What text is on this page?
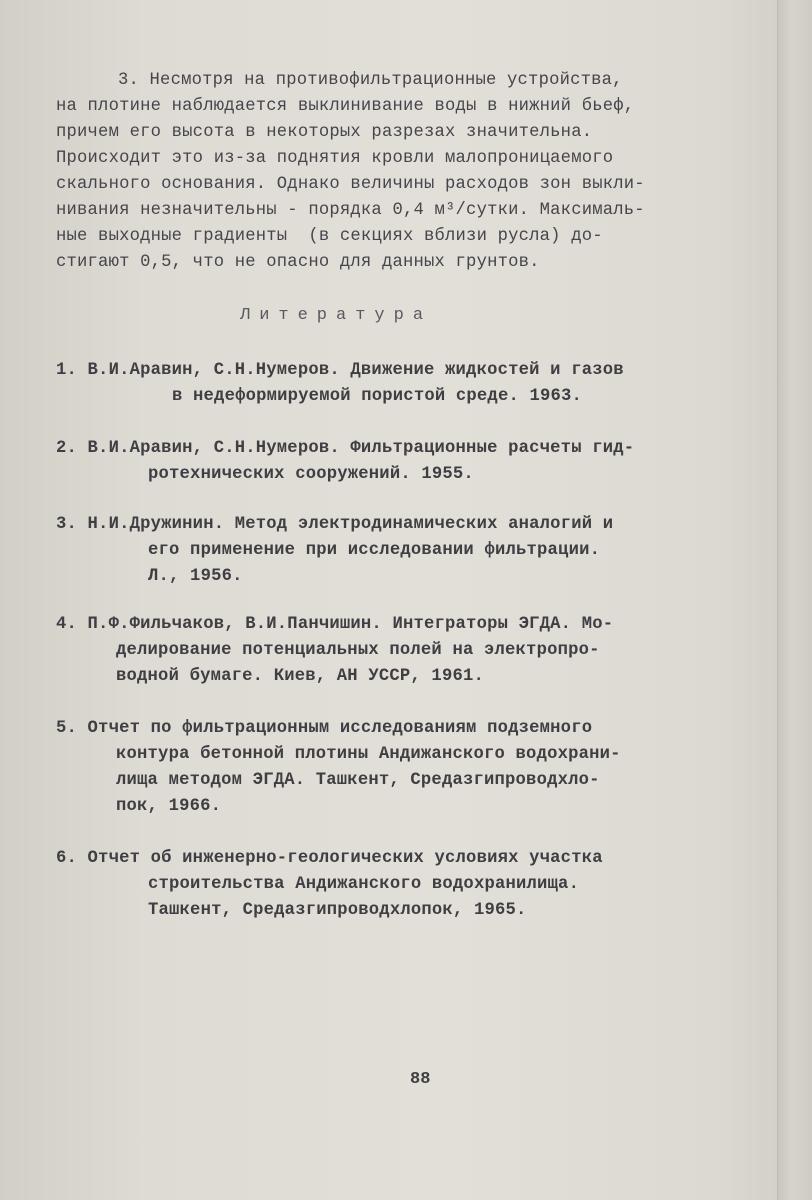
3. Несмотря на противофильтрационные устройства,
на плотине наблюдается выклинивание воды в нижний бьеф,
причем его высота в некоторых разрезах значительна.
Происходит это из-за поднятия кровли малопроницаемого
скального основания. Однако величины расходов зон выкли-
нивания незначительны - порядка 0,4 м³/сутки. Максималь-
ные выходные градиенты  (в секциях вблизи русла) до-
стигают 0,5, что не опасно для данных грунтов.
Литература
1. В.И.Аравин, С.Н.Нумеров. Движение жидкостей и газов
в недеформируемой пористой среде. 1963.
2. В.И.Аравин, С.Н.Нумеров. Фильтрационные расчеты гид-
ротехнических сооружений. 1955.
3. Н.И.Дружинин. Метод электродинамических аналогий и
его применение при исследовании фильтрации.
Л., 1956.
4. П.Ф.Фильчаков, В.И.Панчишин. Интеграторы ЭГДА. Мо-
делирование потенциальных полей на электропро-
водной бумаге. Киев, АН УССР, 1961.
5. Отчет по фильтрационным исследованиям подземного
контура бетонной плотины Андижанского водохрани-
лища методом ЭГДА. Ташкент, Средазгипроводхло-
пок, 1966.
6. Отчет об инженерно-геологических условиях участка
строительства Андижанского водохранилища.
Ташкент, Средазгипроводхлопок, 1965.
88
